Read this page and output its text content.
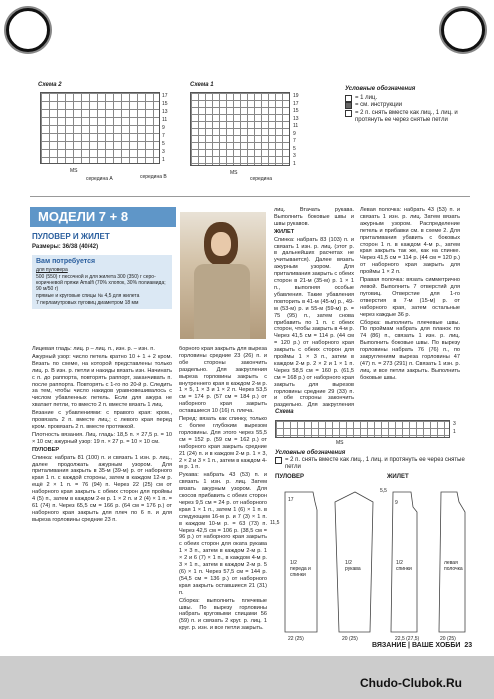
Схема 2
17
15
13
11
9
7
5
3
1
MS
середина A	середина B
Схема 1
19
17
15
13
11
9
7
5
3
1
MS
середина
Условные обозначения
= 1 лиц.
= см. инструкции
= 2 п. снять вместе как лиц., 1 лиц. и протянуть ее через снятые петли
МОДЕЛИ 7 + 8
ПУЛОВЕР И ЖИЛЕТ
Размеры: 36/38 (40/42)
Вам потребуется
для пуловера
500 (550) г песочной и для жилета 300 (350) г серо-коричневой пряжи Amalfi (70% хлопок, 30% полиамида; 90 м/50 г)
прямые и круговые спицы № 4,5 для жилета
7 перламутровых пуговиц диаметром 18 мм

Лицевая гладь: лиц. р – лиц. п., изн. р. – изн. п.

Ажурный узор: число петель кратно 10 + 1 + 2 кром. Вязать по схеме, на которой представлены только лиц. р. В изн. р. петли и накиды вязать изн. Начинать с п. до раппорта, повторять раппорт, заканчивать п. после раппорта. Повторять с 1-го по 20-й р. Следить за тем, чтобы число накидов уравновешивалось с числом убавленных петель. Если для ажура не хватает петли, то вместо 2 п. вместе вязать 1 лиц.

Вязание с убавлениями: с правого края: кром., провязать 2 п. вместе лиц.; с левого края перед кром. провязать 2 п. вместе протяжкой.

Плотность вязания. Лиц. гладь: 18,5 п. × 27,5 р. = 10 × 10 см; ажурный узор: 19 п. × 27 р. = 10 × 10 см.

ПУЛОВЕР

Спинка: набрать 81 (100) п. и связать 1 изн. р. лиц., далее продолжать ажурным узором. Для приталивания закрыть в 35-м (39-м) р. от наборного края 1 п. с каждой стороны, затем в каждом 12-м р. ещё 2 × 1 п. = 76 (94) п. Через 22 (25) см от наборного края закрыть с обеих сторон для проймы 4 (5) п., затем в каждом 2-м р. 1 × 2 п. и 2 (4) × 1 п. = 61 (74) п. Через 65,5 см = 166 р. (64 см = 176 р.) от наборного края закрыть для плеч по 6 п. и для выреза горловины средние 23 п.

борного края закрыть для выреза горловины средние 23 (26) п. и обе стороны закончить раздельно. Для закругления выреза горловины закрыть с внутреннего края в каждом 2-м р. 1 × 5, 1 × 3 и 1 × 2 п. Через 53,5 см = 174 р. (57 см = 184 р.) от наборного края закрыть оставшиеся 10 (16) п. плеча.

Перед: вязать как спинку, только с более глубоким вырезом горловины. Для этого через 55,5 см = 152 р. (59 см = 162 р.) от наборного края закрыть средние 21 (24) п. и в каждом 2-м р. 1 × 3, 2 × 2 и 3 × 1 п., затем в каждом 4-м р. 1 п.

Рукава: набрать 43 (53) п. и связать 1 изн. р. лиц. Затем вязать ажурным узором. Для скосов прибавить с обеих сторон через 9,5 см = 24 р. от наборного края 1 × 1 п., затем 1 (6) × 1 п. в следующем 16-м р. и 7 (3) × 1 п. в каждом 10-м р. = 63 (73) п. Через 42,5 см = 106 р. (38,5 см = 96 р.) от наборного края закрыть с обеих сторон для оката рукава 1 × 3 п., затем в каждом 2-м р. 1 × 2 и 6 (7) × 1 п., в каждом 4-м р. 3 × 1 п., затем в каждом 2-м р. 5 (6) × 1 п. Через 57,5 см = 144 р. (54,5 см = 136 р.) от наборного края закрыть оставшиеся 21 (31) п.

Сборка: выполнить плечевые швы. По вырезу горловины набрать круговыми спицами 56 (59) п. и связать 2 круг. р. лиц. 1 круг. р. изн. и все петли закрыть.

лиц. Втачать рукава. Выполнить боковые швы и швы рукавов.

ЖИЛЕТ

Спинка: набрать 83 (103) п. и связать 1 изн. р. лиц. (этот р. в дальнейших расчетах не учитывается). Далее вязать ажурным узором. Для приталивания закрыть с обеих сторон в 21-м (35-м) р. 1 × 1 п., выполняя особые убавления. Такие убавления повторить в 41-м (45-м) р., 49-м (53-м) р. и 55-м (59-м) р. = 75 (95) п., затем снова прибавить по 1 п. с обеих сторон, чтобы закрыть в 4-м р. Через 41,5 см = 114 р. (44 см = 120 р.) от наборного края закрыть с обеих сторон для проймы 1 × 3 п., затем в каждом 2-м р. 2 × 2 и 1 × 1 п. Через 58,5 см = 160 р. (61,5 см = 168 р.) от наборного края закрыть для вырезов горловины средние 29 (33) п. и обе стороны закончить раздельно. Для закругления

Левая полочка: набрать 43 (53) п. и связать 1 изн. р. лиц. Затем вязать ажурным узором. Распределение петель и прибавки см. в схеме 2. Для приталивания убавить с боковых сторон 1 п. в каждом 4-м р., затем края закрыть так же, как на спинке. Через 41,5 см = 114 р. (44 см = 120 р.) от наборного края закрыть для проймы 1 × 2 п.

Правая полочка: вязать симметрично левой. Выполнить 7 отверстий для пуговиц. Отверстие для 1-го отверстия в 7-м (15-м) р. от наборного края, затем остальные через каждые 36 р.

Сборка: выполнить плечевые швы. По проймам набрать для планок по 74 (86) п., связать 1 изн. р. лиц. Выполнить боковые швы. По вырезу горловины набрать 76 (76) п., по закруглениям выреза горловины 47 (47) п. = 273 (291) п. Связать 1 изн. р. лиц. и все петли закрыть. Выполнить боковые швы.

Схема
3
1
MS
Условные обозначения
= 2 п. снять вместе как лиц., 1 лиц. и протянуть ее через снятые петли
ПУЛОВЕР	ЖИЛЕТ
17
11,5
1/2 переда и спинки
22 (25)	20 (25)
1/2 рукава
5,5
9
1/2 спинки
левая полочка
22,5 (27,5)	20 (25)
ВЯЗАНИЕ | ВАШЕ ХОББИ 23
Chudo-Clubok.Ru
